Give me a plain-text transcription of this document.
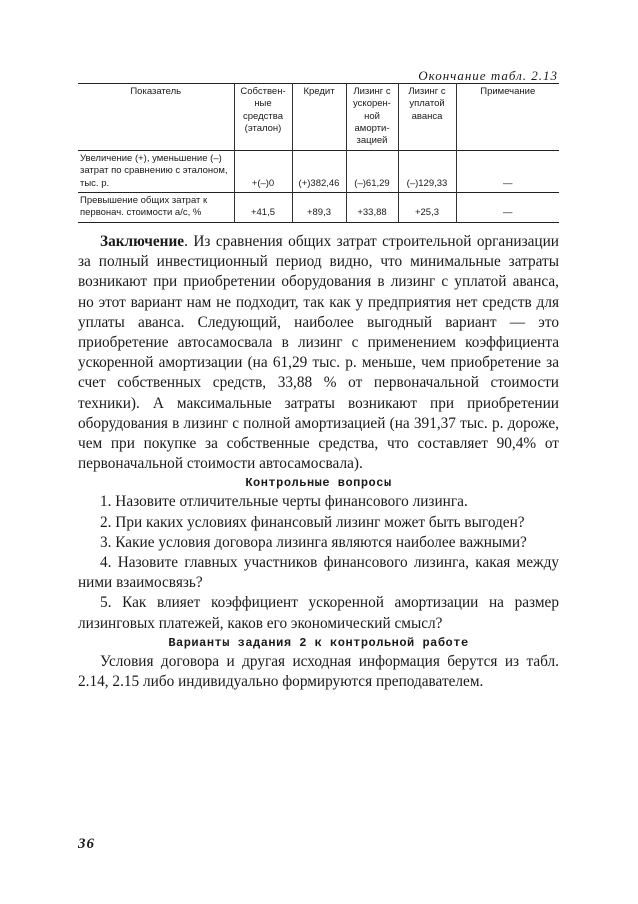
Окончание табл. 2.13
Показатель	Собствен-ные средства (эталон)	Кредит	Лизинг с ускорен-ной аморти-зацией	Лизинг с уплатой аванса	Примечание
Увеличение (+), уменьшение (–) затрат по сравнению с эталоном, тыс. р.	+(–)0	(+)382,46	(–)61,29	(–)129,33	—
Превышение общих затрат к первонач. стоимости а/с, %	+41,5	+89,3	+33,88	+25,3	—

Заключение. Из сравнения общих затрат строительной организации за полный инвестиционный период видно, что минимальные затраты возникают при приобретении оборудования в лизинг с уплатой аванса, но этот вариант нам не подходит, так как у предприятия нет средств для уплаты аванса. Следующий, наиболее выгодный вариант — это приобретение автосамосвала в лизинг с применением коэффициента ускоренной амортизации (на 61,29 тыс. р. меньше, чем приобретение за счет собственных средств, 33,88 % от первоначальной стоимости техники). А максимальные затраты возникают при приобретении оборудования в лизинг с полной амортизацией (на 391,37 тыс. р. дороже, чем при покупке за собственные средства, что составляет 90,4% от первоначальной стоимости автосамосвала).

Контрольные вопросы

1. Назовите отличительные черты финансового лизинга.

2. При каких условиях финансовый лизинг может быть выгоден?

3. Какие условия договора лизинга являются наиболее важными?

4. Назовите главных участников финансового лизинга, какая между ними взаимосвязь?

5. Как влияет коэффициент ускоренной амортизации на размер лизинговых платежей, каков его экономический смысл?

Варианты задания 2 к контрольной работе

Условия договора и другая исходная информация берутся из табл. 2.14, 2.15 либо индивидуально формируются преподавателем.

36
